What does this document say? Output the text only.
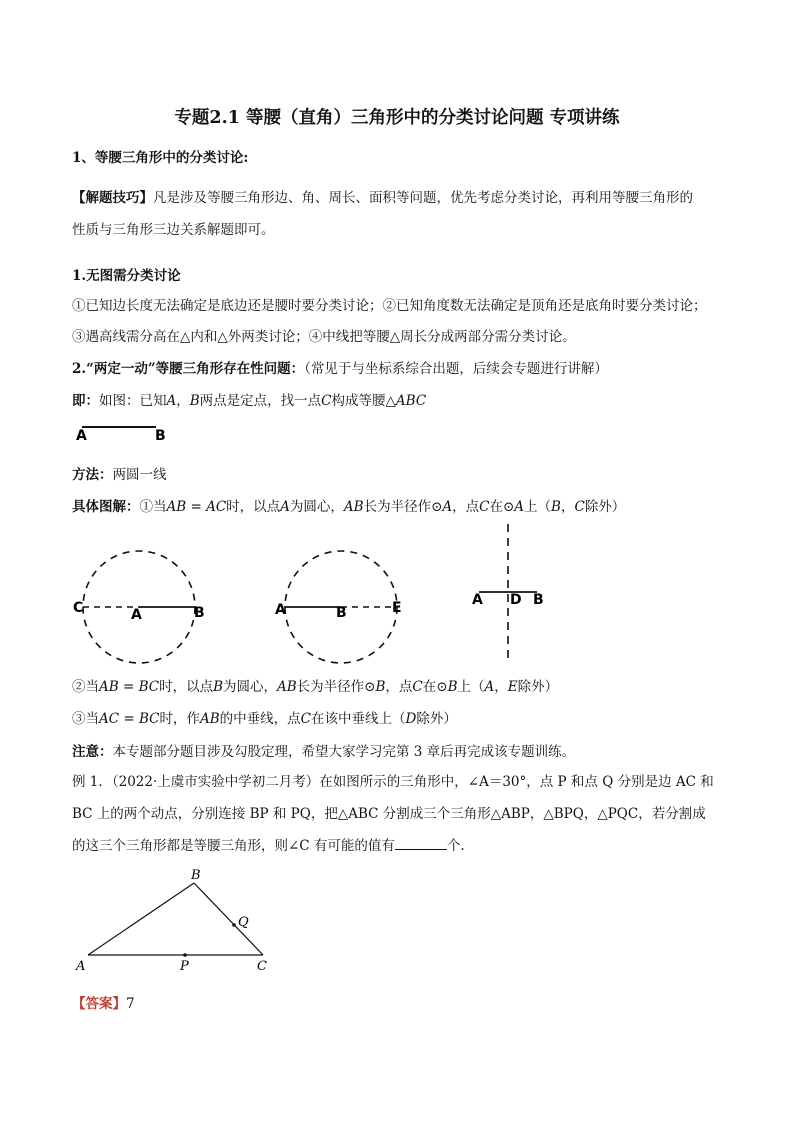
专题2.1 等腰（直角）三角形中的分类讨论问题 专项讲练
1、等腰三角形中的分类讨论:
【解题技巧】凡是涉及等腰三角形边、角、周长、面积等问题，优先考虑分类讨论，再利用等腰三角形的
性质与三角形三边关系解题即可。
1.无图需分类讨论
①已知边长度无法确定是底边还是腰时要分类讨论；②已知角度数无法确定是顶角还是底角时要分类讨论；
③遇高线需分高在△内和△外两类讨论；④中线把等腰△周长分成两部分需分类讨论。
2.“两定一动”等腰三角形存在性问题：（常见于与坐标系综合出题，后续会专题进行讲解）
即：如图：已知A，B两点是定点，找一点C构成等腰△ABC
A	B
方法：两圆一线
具体图解：①当AB = AC时，以点A为圆心，AB长为半径作⊙A，点C在⊙A上（B，C除外）
C	A	B	A	B	E	A D B
②当AB = BC时，以点B为圆心，AB长为半径作⊙B，点C在⊙B上（A，E除外）
③当AC = BC时，作AB的中垂线，点C在该中垂线上（D除外）
注意：本专题部分题目涉及勾股定理，希望大家学习完第 3 章后再完成该专题训练。
例 1．（2022·上虞市实验中学初二月考）在如图所示的三角形中，∠A＝30°，点 P 和点 Q 分别是边 AC 和
BC 上的两个动点，分别连接 BP 和 PQ，把△ABC 分割成三个三角形△ABP，△BPQ，△PQC，若分割成
的这三个三角形都是等腰三角形，则∠C 有可能的值有	个.
A
B
C
P
Q
【答案】7
